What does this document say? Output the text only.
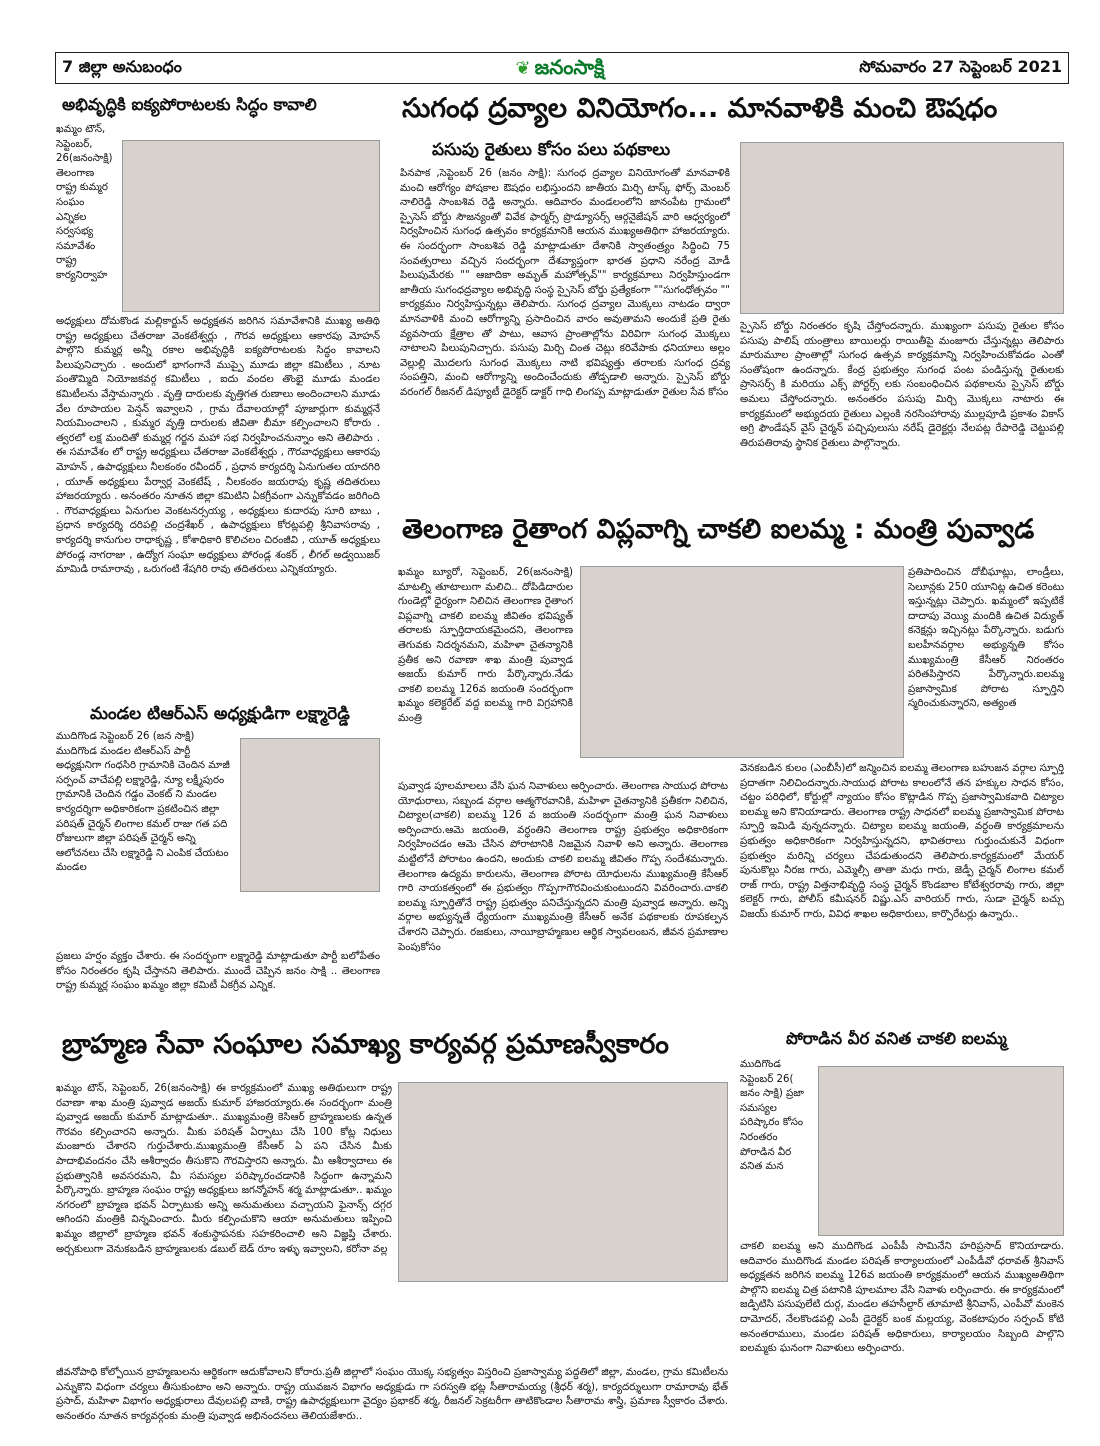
7 జిల్లా అనుబంధం	❦ జనంసాక్షి	సోమవారం 27 సెప్టెంబర్ 2021
అభివృద్ధికి ఐక్యపోరాటలకు సిద్ధం కావాలి
ఖమ్మం టౌన్, సెప్టెంబర్, 26(జనంసాక్షి) తెలంగాణ రాష్ట్ర కుమ్మర సంఘం ఎన్నికల సర్వసభ్య సమావేశం రాష్ట్ర కార్యనిర్వాహ
అధ్యక్షులు దోమకొండ మల్లికార్జున్ అధ్యక్షతన జరిగిన సమావేశానికి ముఖ్య అతిథి రాష్ట్ర అధ్యక్షులు చేతరాజు వెంకటేశ్వర్లు , గౌరవ అధ్యక్షులు ఆకారపు మోహన్ పాల్గొని కుమ్మర్ల అన్నీ రకాల అభివృద్ధికి ఐక్యపోరాటలకు సిద్ధం కావాలని పిలుపునిచ్చారు . అందులో భాగంగానే ముప్పై మూడు జిల్లా కమిటీలు , నూట పంతొమ్మిది నియోజకవర్గ కమిటీలు , ఐదు వందల తొంభై మూడు మండల కమిటీలను వేస్తామన్నారు . వృత్తి దారులకు వృత్తిగత రుణాలు అందించాలని మూడు వేల రూపాయల పెన్షన్ ఇవ్వాలని , గ్రామ దేవాలయాల్లో పూజార్లుగా కుమ్మర్లనే నియమించాలని , కుమ్మర వృత్తి దారులకు జీవితా బీమా కల్పించాలని కోరారు . త్వరలో లక్ష మందితో కుమ్మర్ల గర్జన మహా సభ నిర్వహించనున్నాం అని తెలిపారు . ఈ సమావేశం లో రాష్ట్ర అధ్యక్షులు చేతరాజు వెంకటేశ్వర్లు , గౌరవాధ్యక్షులు ఆకారపు మోహన్ , ఉపాధ్యక్షులు నీలకంఠం రవీందర్ , ప్రధాన కార్యదర్శి ఏనుగుతల యాదగిరి , యూత్ అధ్యక్షులు పేర్వార్ల వెంకటేష్ , నీలకంఠం జయరాపు కృష్ణ తదితరులు హాజరయ్యారు . అనంతరం నూతన జిల్లా కమిటిని ఏకగ్రీవంగా ఎన్నుకోవడం జరిగింది . గౌరవాధ్యక్షులు ఏనుగుల వెంకటనర్సయ్య , అధ్యక్షులు కుదారపు సూరి బాబు , ప్రధాన కార్యదర్శి దరిపల్లి చంద్రశేఖర్ , ఉపాధ్యక్షులు కోరట్లపల్లి శ్రీనివాసరావు , కార్యదర్శి కానుగుల రాధాకృష్ణ , కోశాధికారి కొలిచలం చిరంజీవి , యూత్ అధ్యక్షులు పోరండ్ల నాగరాజు , ఉద్యోగ సంఘా అధ్యక్షులు పోరండ్ల శంకర్ , లీగల్ అడ్వయిజర్ మామిడి రామారావు , ఒరుగంటి శేషగిరి రావు తదితరులు ఎన్నికయ్యారు.
మండల టిఆర్ఎస్ అధ్యక్షుడిగా లక్ష్మారెడ్డి
ముదిగొండ సెప్టెంబర్ 26 (జన సాక్షి) ముదిగొండ మండల టిఆర్ఎస్ పార్టీ అధ్యక్షునిగా గంధసిరి గ్రామానికి చెందిన మాజీ సర్పంచ్ వాచేపల్లి లక్ష్మారెడ్డి, న్యూ లక్ష్మీపురం గ్రామానికి చెందిన గడ్డం వెంకట్ ని మండల కార్యదర్శిగా అధికారికంగా ప్రకటించిన జిల్లా పరిషత్ చైర్మన్ లింగాల కమల్ రాజు గత పది రోజులుగా జిల్లా పరిషత్ చైర్మన్ అన్ని ఆలోచనలు చేసి లక్ష్మారెడ్డి ని ఎంపిక చేయటం మండల
ప్రజలు హర్షం వ్యక్తం చేశారు. ఈ సందర్భంగా లక్ష్మారెడ్డి మాట్లాడుతూ పార్టీ బలోపేతం కోసం నిరంతరం కృషి చేస్తానని తెలిపారు. ముందే చెప్పిన జనం సాక్షి .. తెలంగాణ రాష్ట్ర కుమ్మర్ల సంఘం ఖమ్మం జిల్లా కమిటీ ఏకగ్రీవ ఎన్నిక.
సుగంధ ద్రవ్యాల వినియోగం... మానవాళికి మంచి ఔషధం
పసుపు రైతులు కోసం పలు పథకాలు
పినపాక ,సెప్టెంబర్ 26 (జనం సాక్షి): సుగంధ ద్రవ్యాల వినియోగంతో మానవాళికి మంచి ఆరోగ్యం పోషకాల ఔషధం లభిస్తుందని జాతీయ మిర్చి టాస్క్ ఫోర్స్ మెంబర్ నాలిరెడ్డి సాంబశివ రెడ్డి అన్నారు. ఆదివారం మండలంలోని జానంపేట గ్రామంలో స్పైసెస్ బోర్డు సౌజన్యంతో వివేక ఫార్మర్స్ ప్రొడ్యూసర్స్ ఆర్గనైజేషన్ వారి ఆధ్వర్యంలో నిర్వహించిన సుగంధ ఉత్సవం కార్యక్రమానికి ఆయన ముఖ్యఅతిథిగా హాజరయ్యారు. ఈ సందర్భంగా సాంబశివ రెడ్డి మాట్లాడుతూ దేశానికి స్వాతంత్ర్యం సిద్ధించి 75 సంవత్సరాలు వచ్చిన సందర్భంగా దేశవ్యాప్తంగా భారత ప్రధాని నరేంద్ర మోడీ పిలుపుమేరకు "" ఆజాదికా అమృత్ మహోత్సవ్"" కార్యక్రమాలు నిర్వహిస్తుండగా జాతీయ సుగంధద్రవ్యాల అభివృద్ధి సంస్థ స్పైసెస్ బోర్డు ప్రత్యేకంగా ""సుగంధోత్సవం "" కార్యక్రమం నిర్వహిస్తున్నట్లు తెలిపారు. సుగంధ ద్రవ్యాల మొక్కలు నాటడం ద్వారా మానవాళికి మంచి ఆరోగ్యాన్ని ప్రసాదించిన వారం అవుతామని అందుకే ప్రతి రైతు వ్యవసాయ క్షేత్రాల తో పాటు, ఆవాస ప్రాంతాల్లోను విరివిగా సుగంధ మొక్కలు నాటాలని పిలుపునిచ్చారు. పసుపు మిర్చి చింత చెట్లు కరివేపాకు ధనియాలు అల్లం వెల్లుల్లి మొదలగు సుగంధ మొక్కలు నాటి భవిష్యత్తు తరాలకు సుగంధ ద్రవ్య సంపత్తిని, మంచి ఆరోగ్యాన్ని అందించేందుకు తోడ్పడాలి అన్నారు. స్పైసెస్ బోర్డు వరంగల్ రీజనల్ డిప్యూటీ డైరెక్టర్ డాక్టర్ గాధి లింగప్ప మాట్లాడుతూ రైతుల సేవ కోసం
స్పైసెస్ బోర్డు నిరంతరం కృషి చేస్తోందన్నారు. ముఖ్యంగా పసుపు రైతుల కోసం పసుపు పాలిష్ యంత్రాలు బాయిలర్లు రాయితీపై మంజూరు చేస్తున్నట్లు తెలిపారు మారుమూల ప్రాంతాల్లో సుగంధ ఉత్సవ కార్యక్రమాన్ని నిర్వహించుకోవడం ఎంతో సంతోషంగా ఉందన్నారు. కేంద్ర ప్రభుత్వం సుగంధ పంట పండిస్తున్న రైతులకు ప్రాసెసర్స్ కి మరియు ఎక్స్ పోర్టర్స్ లకు సంబంధించిన పథకాలను స్పైసెస్ బోర్డు అమలు చేస్తోందన్నారు. అనంతరం పసుపు మిర్చి మొక్కలు నాటారు ఈ కార్యక్రమంలో అభ్యుదయ రైతులు ఎల్లంకి నరసింహారావు ముల్లపూడి ప్రకాశం వికాస్ అగ్రి ఫౌండేషన్ వైస్ చైర్మన్ పచ్చిపులుసు నరేష్ డైరెక్టర్లు నేలపట్ల రేపారెడ్డి చెట్టుపల్లి తిరుపతిరావు స్థానిక రైతులు పాల్గొన్నారు.
తెలంగాణ రైతాంగ విప్లవాగ్ని చాకలి ఐలమ్మ : మంత్రి పువ్వాడ
ఖమ్మం బ్యూరో, సెప్టెంబర్, 26(జనంసాక్షి) మాటల్ని తూటాలుగా మలిచి.. దోపిడిదారుల గుండెల్లో ధైర్యంగా నిలిచిన తెలంగాణ రైతాంగ విప్లవాగ్ని చాకలి ఐలమ్మ జీవితం భవిష్యత్ తరాలకు స్ఫూర్తిదాయకమైందని, తెలంగాణ తెగువకు నిదర్శనమని, మహిళా చైతన్యానికి ప్రతీక అని రవాణా శాఖ మంత్రి పువ్వాడ అజయ్ కుమార్ గారు పేర్కొన్నారు.నేడు చాకలి ఐలమ్మ 126వ జయంతి సందర్భంగా ఖమ్మం కలెక్టరేట్ వద్ద ఐలమ్మ గారి విగ్రహానికి మంత్రి
ప్రతిపాదించిన దోబీఘాట్లు, లాండ్రీలు, సెలూన్లకు 250 యూనిట్ల ఉచిత కరెంటు ఇస్తున్నట్లు చెప్పారు. ఖమ్మంలో ఇప్పటికే దాదాపు వెయ్యి మందికి ఉచిత విద్యుత్ కనెక్షన్లు ఇచ్చినట్లు పేర్కొన్నారు. బడుగు బలహీనవర్గాల అభ్యున్నతి కోసం ముఖ్యమంత్రి కేసీఆర్ నిరంతరం పరితపిస్తారని పేర్కొన్నారు.ఐలమ్మ ప్రజాస్వామిక పోరాట స్ఫూర్తిని స్మరించుకున్నారని, అత్యంత
పువ్వాడ పూలమాలలు వేసి ఘన నివాళులు అర్పించారు. తెలంగాణ సాయుధ పోరాట యోధురాలు, సబ్బండ వర్గాల ఆత్మగౌరవానికి, మహిళా చైతన్యానికి ప్రతీకగా నిలిచిన, చిట్యాల(చాకలి) ఐలమ్మ 126 వ జయంతి సందర్భంగా మంత్రి ఘన నివాళులు అర్పించారు.ఆమె జయంతి, వర్ధంతిని తెలంగాణ రాష్ట్ర ప్రభుత్వం అధికారికంగా నిర్వహించడం ఆమె చేసిన పోరాటానికి నిజమైన నివాళి అని అన్నారు. తెలంగాణ మట్టిలోనే పోరాటం ఉందని, అందుకు చాకలి ఐలమ్మ జీవితం గొప్ప సందేశమన్నారు. తెలంగాణ ఉద్యమ కారులను, తెలంగాణ పోరాట యోధులను ముఖ్యమంత్రి కేసీఆర్ గారి నాయకత్వంలో ఈ ప్రభుత్వం గొప్పగాగౌరవించుకుంటుందని వివరించారు.చాకలి ఐలమ్మ స్ఫూర్తితోనే రాష్ట్ర ప్రభుత్వం పనిచేస్తున్నదని మంత్రి పువ్వాడ అన్నారు. అన్ని వర్గాల అభ్యున్నతే ధ్యేయంగా ముఖ్యమంత్రి కేసీఆర్ అనేక పథకాలకు రూపకల్పన చేశారని చెప్పారు. రజకులు, నాయీబ్రాహ్మణుల ఆర్థిక స్వావలంబన, జీవన ప్రమాణాల పెంపుకోసం
వెనకబడిన కులం (ఎంబీసీ)లో జన్మించిన ఐలమ్మ తెలంగాణ బహుజన వర్గాల స్ఫూర్తి ప్రదాతగా నిలిచిందన్నారు.సాయుధ పోరాట కాలంలోనే తన హక్కుల సాధన కోసం, చట్టం పరిధిలో, కోర్టుల్లో న్యాయం కోసం కొట్లాడిన గొప్ప ప్రజాస్వామికవాది చిట్యాల ఐలమ్మ అని కొనియాడారు. తెలంగాణ రాష్ట్ర సాధనలో ఐలమ్మ ప్రజాస్వామిక పోరాట స్ఫూర్తి ఇమిడి వున్నదన్నారు. చిట్యాల ఐలమ్మ జయంతి, వర్ధంతి కార్యక్రమాలను ప్రభుత్వం అధికారికంగా నిర్వహిస్తున్నదని, భావితరాలు గుర్తుంచుకునే విధంగా ప్రభుత్వం మరిన్ని చర్యలు చేపడుతుందని తెలిపారు.కార్యక్రమంలో మేయర్ పునుకొల్లు నీరజ గారు, ఎమ్మెల్సీ తాతా మధు గారు, జెడ్పీ చైర్మన్ లింగాల కమల్ రాజ్ గారు, రాష్ట్ర విత్తనాభివృద్ధి సంస్థ చైర్మన్ కొండబాల కోటేశ్వరరావు గారు, జిల్లా కలెక్టర్ గారు, పోలీస్ కమీషనర్ విష్ణు.ఎస్ వారియర్ గారు, సుడా చైర్మన్ బచ్చు విజయ్ కుమార్ గారు, వివిధ శాఖల అధికారులు, కార్పొరేటర్లు ఉన్నారు..
బ్రాహ్మణ సేవా సంఘాల సమాఖ్య కార్యవర్గ ప్రమాణస్వీకారం
ఖమ్మం టౌన్, సెప్టెంబర్, 26(జనంసాక్షి) ఈ కార్యక్రమంలో ముఖ్య అతిథులుగా రాష్ట్ర రవాణా శాఖ మంత్రి పువ్వాడ అజయ్ కుమార్ హాజరయ్యారు.ఈ సందర్భంగా మంత్రి పువ్వాడ అజయ్ కుమార్ మాట్లాడుతూ.. ముఖ్యమంత్రి కెసిఆర్ బ్రాహ్మణులకు ఉన్నత గౌరవం కల్పించారని అన్నారు. మీకు పరిషత్ ఏర్పాటు చేసి 100 కోట్ల నిధులు మంజూరు చేశారని గుర్తుచేశారు.ముఖ్యమంత్రి కేసీఆర్ ఏ పని చేసిన మీకు పాదాభివందనం చేసి ఆశీర్వాదం తీసుకొని గౌరవిస్తారని అన్నారు. మీ ఆశీర్వాదాలు ఈ ప్రభుత్వానికి అవసరమని, మీ సమస్యల పరిష్కారంచడానికి సిద్ధంగా ఉన్నామని పేర్కొన్నారు. బ్రాహ్మణ సంఘం రాష్ట్ర అధ్యక్షులు జగన్మోహన్ శర్మ మాట్లాడుతూ.. ఖమ్మం నగరంలో బ్రాహ్మణ భవన్ ఏర్పాటుకు అన్ని అనుమతులు వచ్చాయని ఫైనాన్స్ దగ్గర ఆగిందని మంత్రికి విన్నవించారు. మీరు కల్పించుకొని ఆయా అనుమతులు ఇప్పించి ఖమ్మం జిల్లాలో బ్రాహ్మణ భవన్ శంకుస్థాపనకు సహకరించాలి అని విజ్ఞప్తి చేశారు. అర్చకులుగా వెనుకబడిన బ్రాహ్మణులకు డబుల్ బెడ్ రూం ఇళ్ళు ఇవ్వాలని, కరోనా వల్ల
జీవనోపాధి కోల్పోయిన బ్రాహ్మణులను ఆర్థికంగా ఆదుకోవాలని కోరారు.ప్రతీ జిల్లాలో సంఘం యొక్క సభ్యత్వం విస్తరించి ప్రజాస్వామ్య పద్ధతిలో జిల్లా, మండల, గ్రామ కమిటీలను ఎన్నుకొని విధంగా చర్యలు తీసుకుంటాం అని అన్నారు. రాష్ట్ర యువజన విభాగం అధ్యక్షుడు గా సరస్వతి భట్ల సీతారామయ్య (శ్రీధర్ శర్మ), కార్యదర్శులుగా రామారావు భేత్ ప్రసాద్, మహిళా విభాగం అధ్యక్షురాలు దేవులపల్లి వాణి, రాష్ట్ర ఉపాధ్యక్షులుగా వైద్యం ప్రభాకర్ శర్మ, రీజనల్ సెక్రటరీగా తాటికొండాల సీతారామ శాస్త్రి, ప్రమాణ స్వీకారం చేశారు. అనంతరం నూతన కార్యవర్గంకు మంత్రి పువ్వాడ అభినందనలు తెలియజేశారు..
పోరాడిన వీర వనిత చాకలి ఐలమ్మ
ముదిగొండ సెప్టెంబర్ 26( జనం సాక్షి) ప్రజా సమస్యల పరిష్కారం కోసం నిరంతరం పోరాడిన వీర వనిత మన
చాకలి ఐలమ్మ అని ముదిగొండ ఎంపీపీ సామినేని హరిప్రసాద్ కొనియాడారు. ఆదివారం ముదిగొండ మండల పరిషత్ కార్యాలయంలో ఎంపీడీవో ధరావత్ శ్రీనివాస్ అధ్యక్షతన జరిగిన ఐలమ్మ 126వ జయంతి కార్యక్రమంలో ఆయన ముఖ్యఅతిథిగా పాల్గొని ఐలమ్మ చిత్ర పటానికి పూలమాల వేసి నివాళు లర్పించారు. ఈ కార్యక్రమంలో జడ్పిటిసి పసుపులేటి దుర్గ, మండల తహసీల్దార్ తూమాటి శ్రీనివాస్, ఎంపీవో మంకెన దామోదర్, నేలకొండపల్లి ఎంపీ డైరెక్టర్ బంక మల్లయ్య, వెంకటాపురం సర్పంచ్ కోటి అనంతరాములు, మండల పరిషత్ అధికారులు, కార్యాలయం సిబ్బంది పాల్గొని ఐలమ్మకు ఘనంగా నివాళులు అర్పించారు.
